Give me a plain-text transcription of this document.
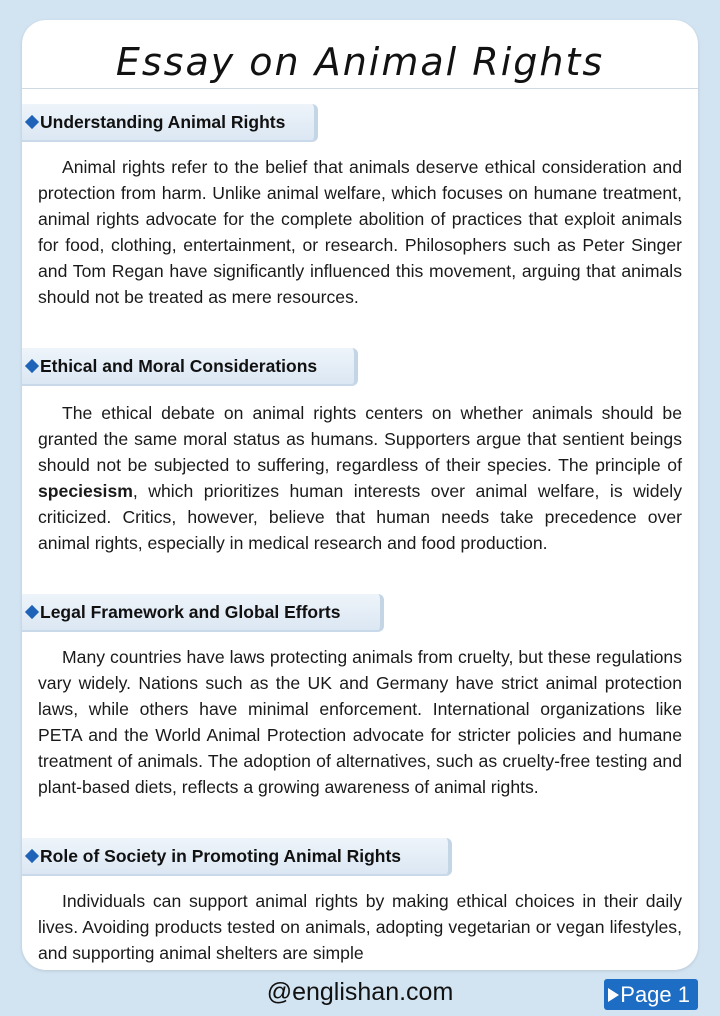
Essay on Animal Rights
Understanding Animal Rights

Animal rights refer to the belief that animals deserve ethical consideration and protection from harm. Unlike animal welfare, which focuses on humane treatment, animal rights advocate for the complete abolition of practices that exploit animals for food, clothing, entertainment, or research. Philosophers such as Peter Singer and Tom Regan have significantly influenced this movement, arguing that animals should not be treated as mere resources.

Ethical and Moral Considerations

The ethical debate on animal rights centers on whether animals should be granted the same moral status as humans. Supporters argue that sentient beings should not be subjected to suffering, regardless of their species. The principle of speciesism, which prioritizes human interests over animal welfare, is widely criticized. Critics, however, believe that human needs take precedence over animal rights, especially in medical research and food production.

Legal Framework and Global Efforts

Many countries have laws protecting animals from cruelty, but these regulations vary widely. Nations such as the UK and Germany have strict animal protection laws, while others have minimal enforcement. International organizations like PETA and the World Animal Protection advocate for stricter policies and humane treatment of animals. The adoption of alternatives, such as cruelty-free testing and plant-based diets, reflects a growing awareness of animal rights.

Role of Society in Promoting Animal Rights

Individuals can support animal rights by making ethical choices in their daily lives. Avoiding products tested on animals, adopting vegetarian or vegan lifestyles, and supporting animal shelters are simple

@englishan.com	Page 1
